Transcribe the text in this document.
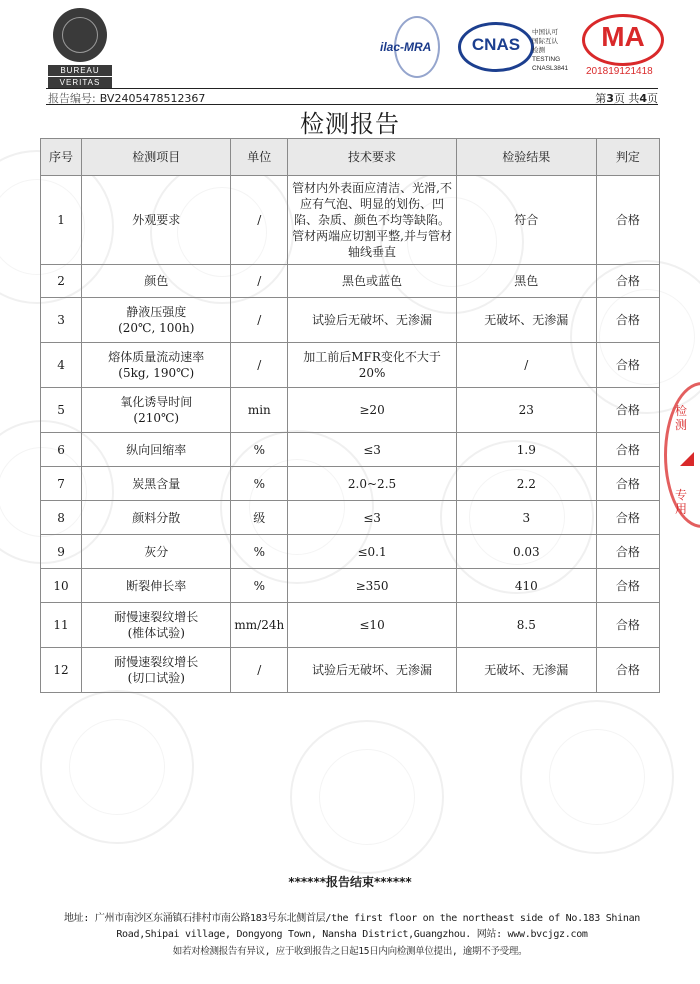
BUREAU
VERITAS
ilac-MRA	CNAS
中国认可
国际互认
检测
TESTING
CNASL3841
MA
201819121418
报告编号: BV2405478512367	第3页 共4页
检测报告
序号	检测项目	单位	技术要求	检验结果	判定
1	外观要求	/	管材内外表面应清洁、光滑,不应有气泡、明显的划伤、凹陷、杂质、颜色不均等缺陷。管材两端应切割平整,并与管材轴线垂直	符合	合格
2	颜色	/	黑色或蓝色	黑色	合格
3	静液压强度
(20℃, 100h)	/	试验后无破坏、无渗漏	无破坏、无渗漏	合格
4	熔体质量流动速率
(5kg, 190℃)	/	加工前后MFR变化不大于20%	/	合格
5	氧化诱导时间
(210℃)	min	≥20	23	合格
6	纵向回缩率	%	≤3	1.9	合格
7	炭黑含量	%	2.0~2.5	2.2	合格
8	颜料分散	级	≤3	3	合格
9	灰分	%	≤0.1	0.03	合格
10	断裂伸长率	%	≥350	410	合格
11	耐慢速裂纹增长
(椎体试验)	mm/24h	≤10	8.5	合格
12	耐慢速裂纹增长
(切口试验)	/	试验后无破坏、无渗漏	无破坏、无渗漏	合格
检测
专用
******报告结束******
地址: 广州市南沙区东涌镇石排村市南公路183号东北侧首层/the first floor on the northeast side of No.183 Shinan
Road,Shipai village, Dongyong Town, Nansha District,Guangzhou. 网站: www.bvcjgz.com
如若对检测报告有异议, 应于收到报告之日起15日内向检测单位提出, 逾期不予受理。
